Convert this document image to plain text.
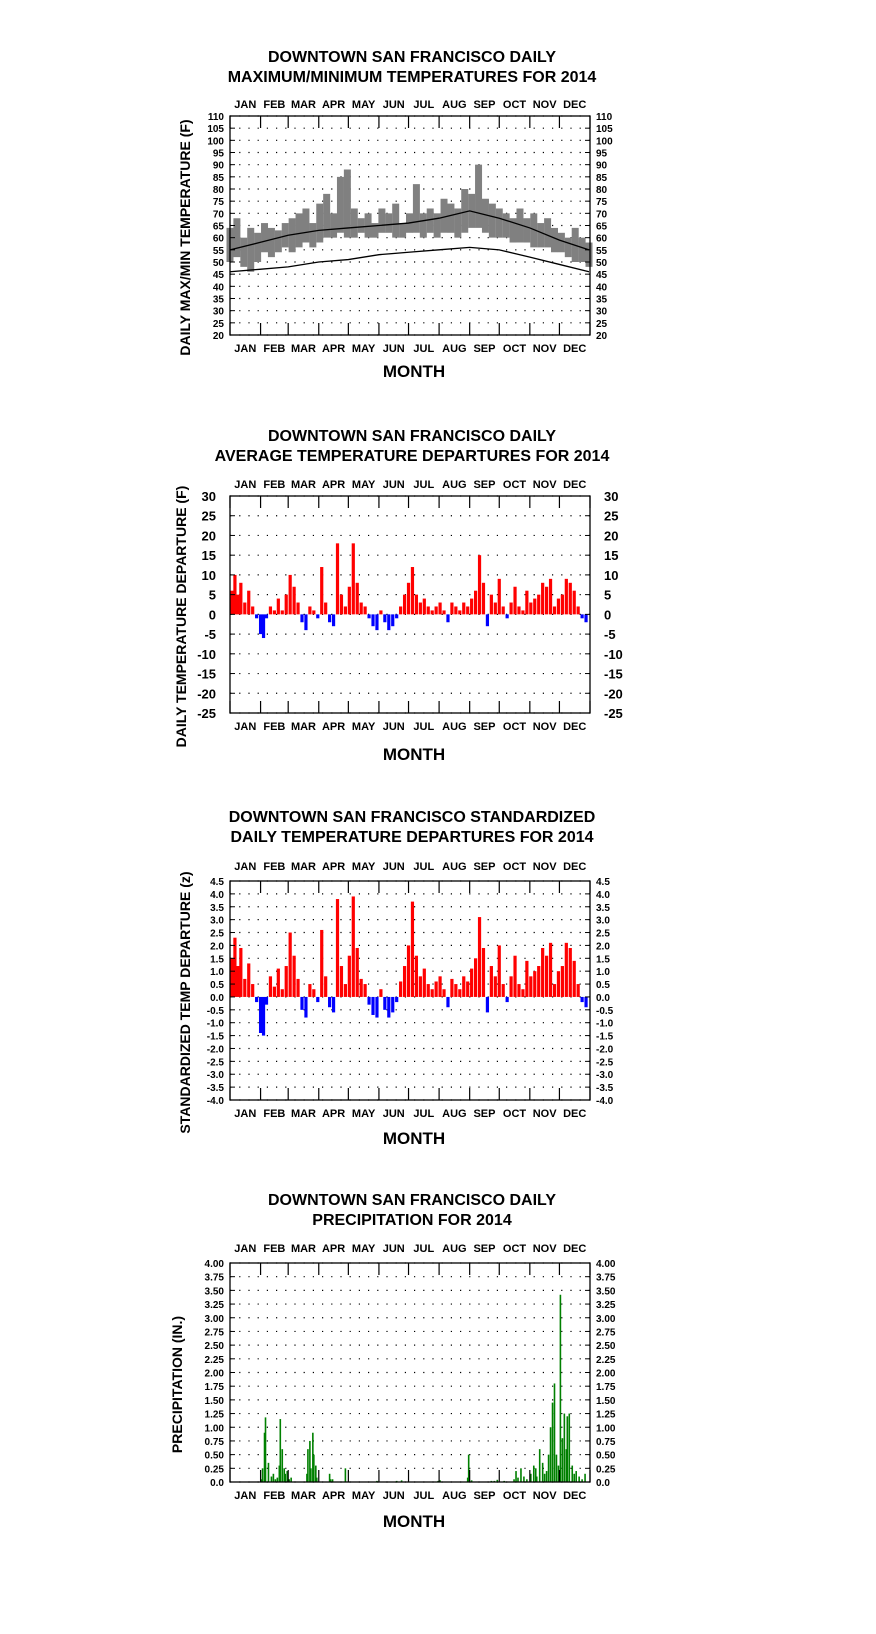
DOWNTOWN SAN FRANCISCO DAILY
MAXIMUM/MINIMUM TEMPERATURES FOR 2014
20	20
25	25
30	30
35	35
40	40
45	45
50	50
55	55
60	60
65	65
70	70
75	75
80	80
85	85
90	90
95	95
100	100
105	105
110	110
JAN
JAN
FEB
FEB
MAR
MAR
APR
APR
MAY
MAY
JUN
JUN
JUL
JUL
AUG
AUG
SEP
SEP
OCT
OCT
NOV
NOV
DEC
DEC
MONTH
DAILY MAX/MIN TEMPERATURE (F)
DOWNTOWN SAN FRANCISCO DAILY
AVERAGE TEMPERATURE DEPARTURES FOR 2014
-25	-25
-20	-20
-15	-15
-10	-10
-5	-5
0	0
5	5
10	10
15	15
20	20
25	25
30	30
JAN
JAN
FEB
FEB
MAR
MAR
APR
APR
MAY
MAY
JUN
JUN
JUL
JUL
AUG
AUG
SEP
SEP
OCT
OCT
NOV
NOV
DEC
DEC
MONTH
DAILY TEMPERATURE DEPARTURE (F)
DOWNTOWN SAN FRANCISCO STANDARDIZED
DAILY TEMPERATURE DEPARTURES FOR 2014
-4.0	-4.0
-3.5	-3.5
-3.0	-3.0
-2.5	-2.5
-2.0	-2.0
-1.5	-1.5
-1.0	-1.0
-0.5	-0.5
0.0	0.0
0.5	0.5
1.0	1.0
1.5	1.5
2.0	2.0
2.5	2.5
3.0	3.0
3.5	3.5
4.0	4.0
4.5	4.5
JAN
JAN
FEB
FEB
MAR
MAR
APR
APR
MAY
MAY
JUN
JUN
JUL
JUL
AUG
AUG
SEP
SEP
OCT
OCT
NOV
NOV
DEC
DEC
MONTH
STANDARDIZED TEMP DEPARTURE (z)
DOWNTOWN SAN FRANCISCO DAILY
PRECIPITATION FOR 2014
0.0	0.0
0.25	0.25
0.50	0.50
0.75	0.75
1.00	1.00
1.25	1.25
1.50	1.50
1.75	1.75
2.00	2.00
2.25	2.25
2.50	2.50
2.75	2.75
3.00	3.00
3.25	3.25
3.50	3.50
3.75	3.75
4.00	4.00
JAN
JAN
FEB
FEB
MAR
MAR
APR
APR
MAY
MAY
JUN
JUN
JUL
JUL
AUG
AUG
SEP
SEP
OCT
OCT
NOV
NOV
DEC
DEC
MONTH
PRECIPITATION (IN.)
